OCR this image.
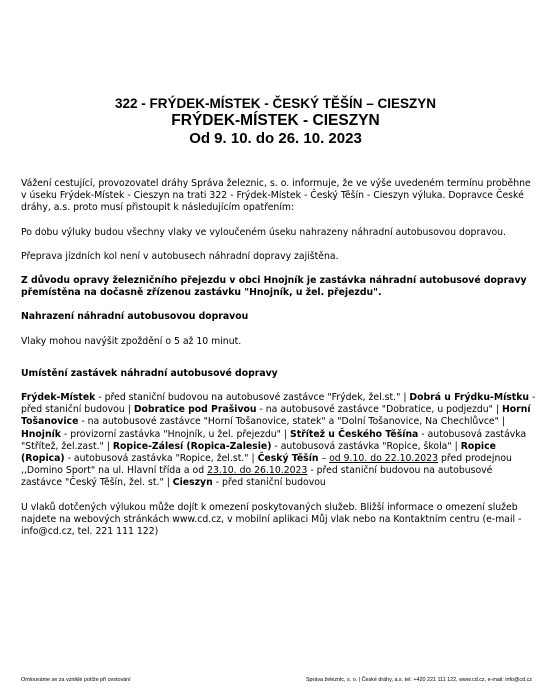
322 - FRÝDEK-MÍSTEK - ČESKÝ TĚŠÍN – CIESZYN
FRÝDEK-MÍSTEK - CIESZYN
Od 9. 10. do 26. 10. 2023

Vážení cestující, provozovatel dráhy Správa železnic, s. o. informuje, že ve výše uvedeném termínu proběhne v úseku Frýdek-Místek - Cieszyn na trati 322 - Frýdek-Místek - Český Těšín - Cieszyn výluka. Dopravce České dráhy, a.s. proto musí přistoupit k následujícím opatřením:

Po dobu výluky budou všechny vlaky ve vyloučeném úseku nahrazeny náhradní autobusovou dopravou.

Přeprava jízdních kol není v autobusech náhradní dopravy zajištěna.

Z důvodu opravy železničního přejezdu v obci Hnojník je zastávka náhradní autobusové dopravy přemístěna na dočasně zřízenou zastávku "Hnojník, u žel. přejezdu".

Nahrazení náhradní autobusovou dopravou

Vlaky mohou navýšit zpoždění o 5 až 10 minut.

Umístění zastávek náhradní autobusové dopravy

Frýdek-Místek - před staniční budovou na autobusové zastávce "Frýdek, žel.st." | Dobrá u Frýdku-Místku - před staniční budovou | Dobratice pod Prašivou - na autobusové zastávce "Dobratice, u podjezdu" | Horní Tošanovice - na autobusové zastávce "Horní Tošanovice, statek" a "Dolní Tošanovice, Na Chechlůvce" | Hnojník - provizorní zastávka "Hnojník, u žel. přejezdu" | Střítež u Českého Těšína - autobusová zastávka "Střítež, žel.zast." | Ropice-Zálesí (Ropica-Zalesie) - autobusová zastávka "Ropice, škola" | Ropice (Ropica) - autobusová zastávka "Ropice, žel.st." | Český Těšín – od 9.10. do 22.10.2023 před prodejnou ,,Domino Sport" na ul. Hlavní třída a od 23.10. do 26.10.2023 - před staniční budovou na autobusové zastávce "Český Těšín, žel. st." | Cieszyn - před staniční budovou

U vlaků dotčených výlukou může dojít k omezení poskytovaných služeb. Bližší informace o omezení služeb najdete na webových stránkách www.cd.cz, v mobilní aplikaci Můj vlak nebo na Kontaktním centru (e-mail - info@cd.cz, tel. 221 111 122)

Omlouváme se za vzniklé potíže při cestování	Správa železnic, s. o. | České dráhy, a.s. tel: +420 221 111 122, www.cd.cz, e-mail: info@cd.cz
